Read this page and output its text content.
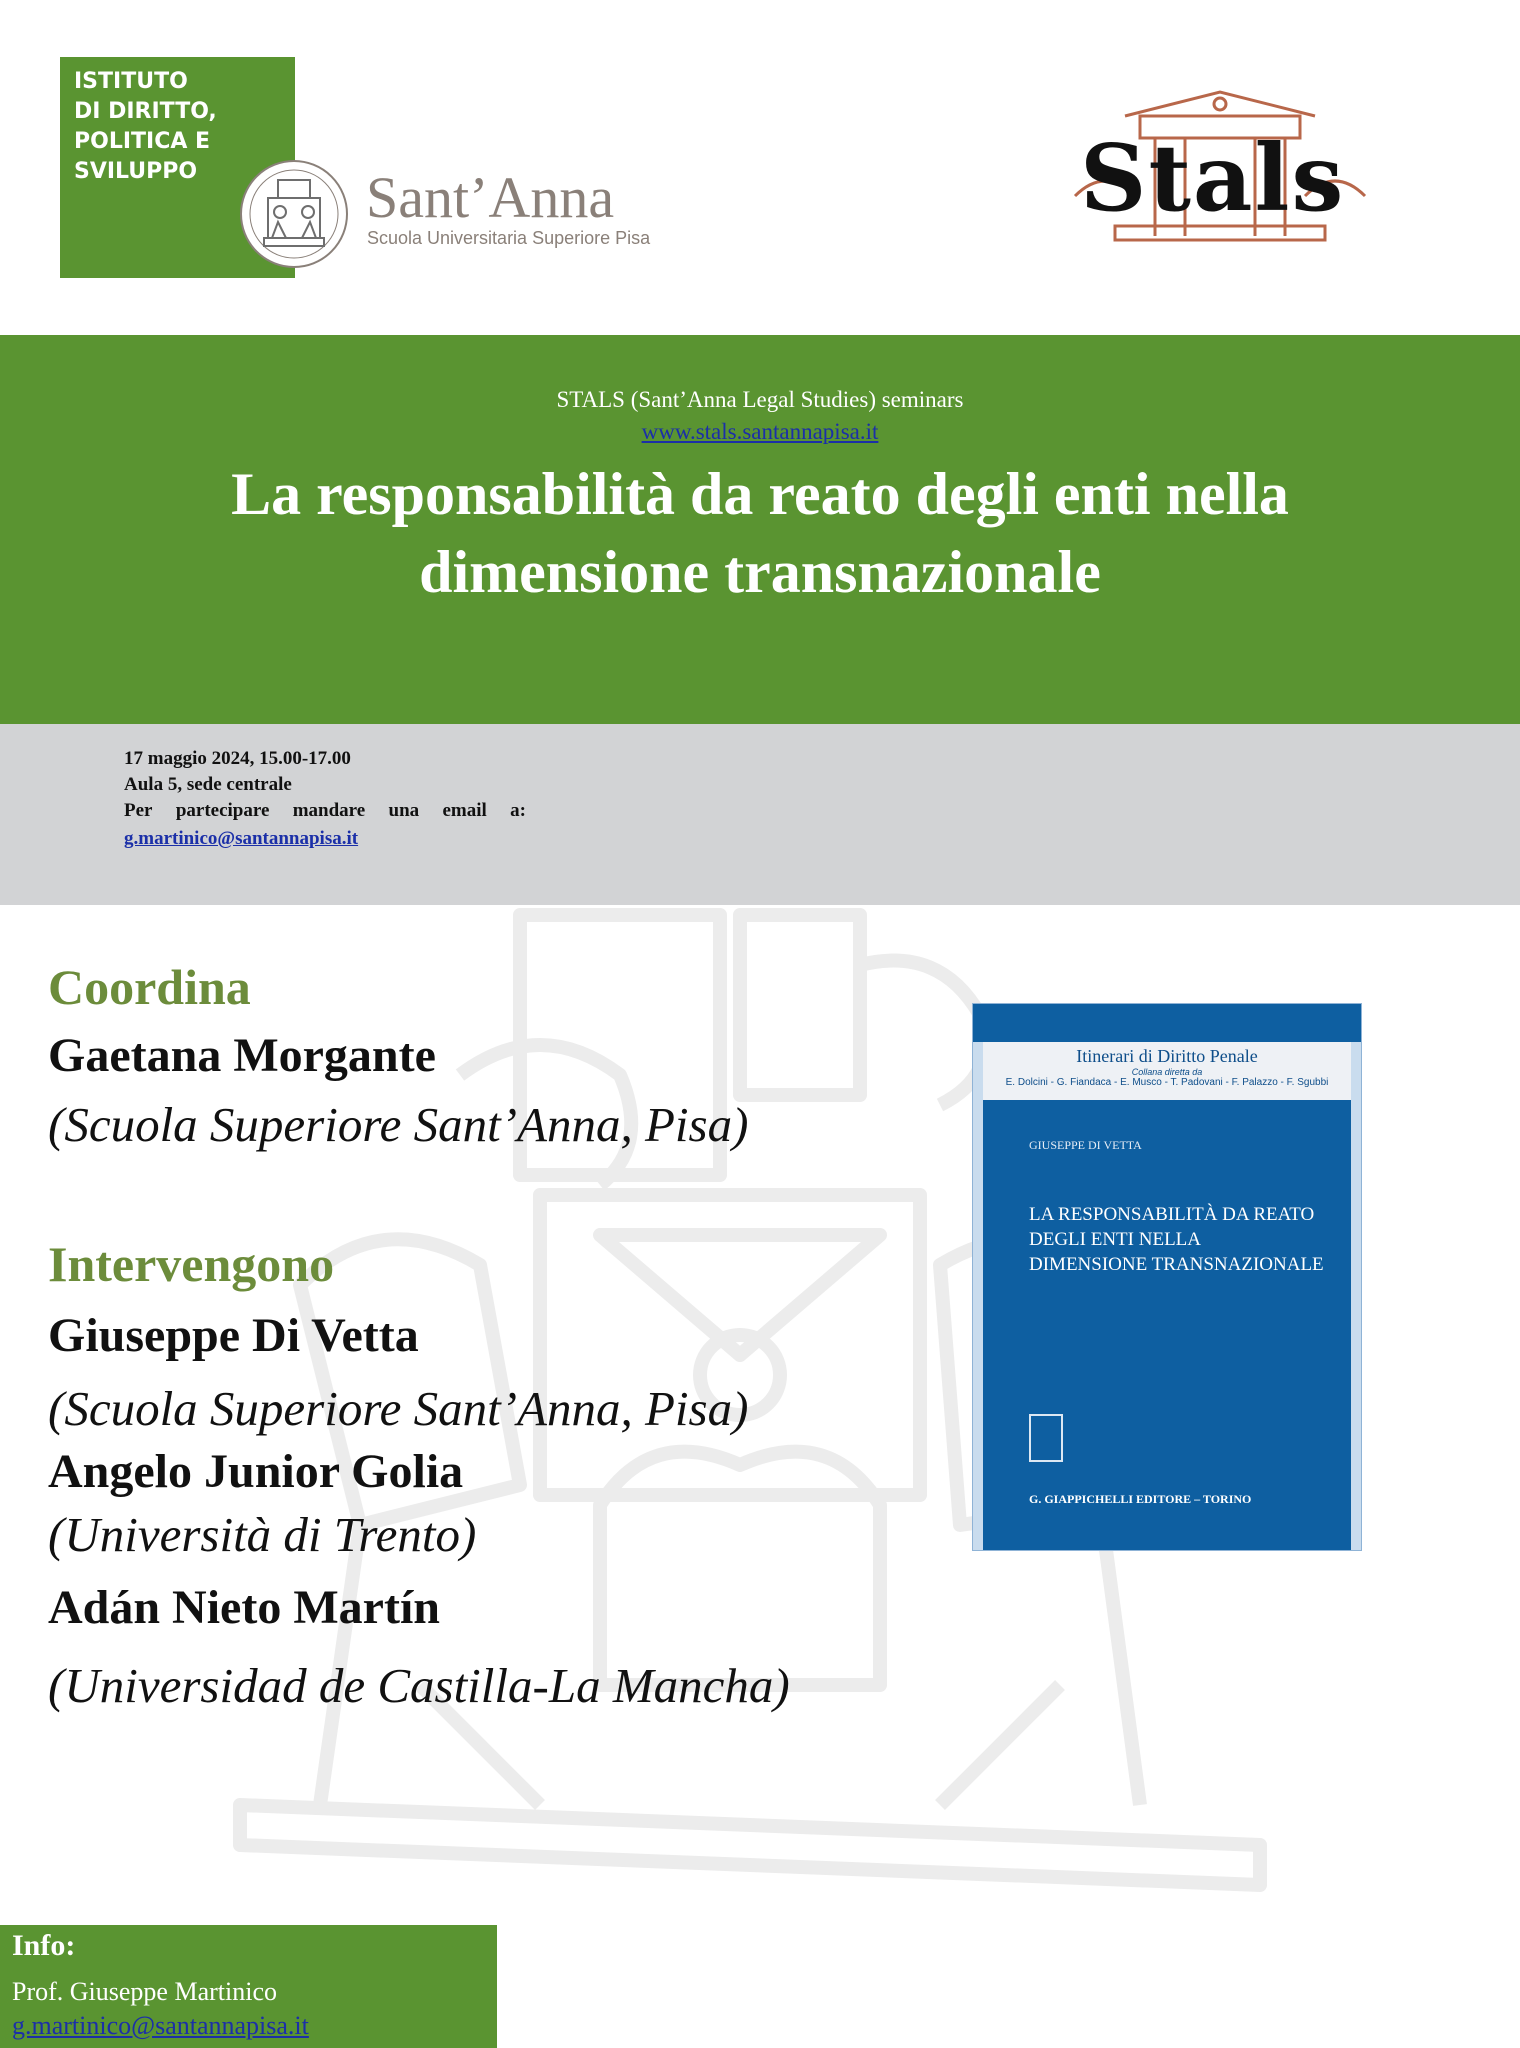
ISTITUTO
DI DIRITTO,
POLITICA E
SVILUPPO	Sant’Anna
Scuola Universitaria Superiore Pisa
Stals
STALS (Sant’Anna Legal Studies) seminars
www.stals.santannapisa.it
La responsabilità da reato degli enti nella
dimensione transnazionale
17 maggio 2024, 15.00-17.00
Aula 5, sede centrale
Per partecipare mandare una email a:
g.martinico@santannapisa.it
Coordina
Gaetana Morgante
(Scuola Superiore Sant’Anna, Pisa)
Intervengono
Giuseppe Di Vetta
(Scuola Superiore Sant’Anna, Pisa)
Angelo Junior Golia
(Università di Trento)
Adán Nieto Martín
(Universidad de Castilla-La Mancha)
Itinerari di Diritto Penale
Collana diretta da
E. Dolcini - G. Fiandaca - E. Musco - T. Padovani - F. Palazzo - F. Sgubbi
GIUSEPPE DI VETTA
LA RESPONSABILITÀ DA REATO
DEGLI ENTI NELLA
DIMENSIONE TRANSNAZIONALE
G. GIAPPICHELLI EDITORE – TORINO
Info:
Prof. Giuseppe Martinico
g.martinico@santannapisa.it
